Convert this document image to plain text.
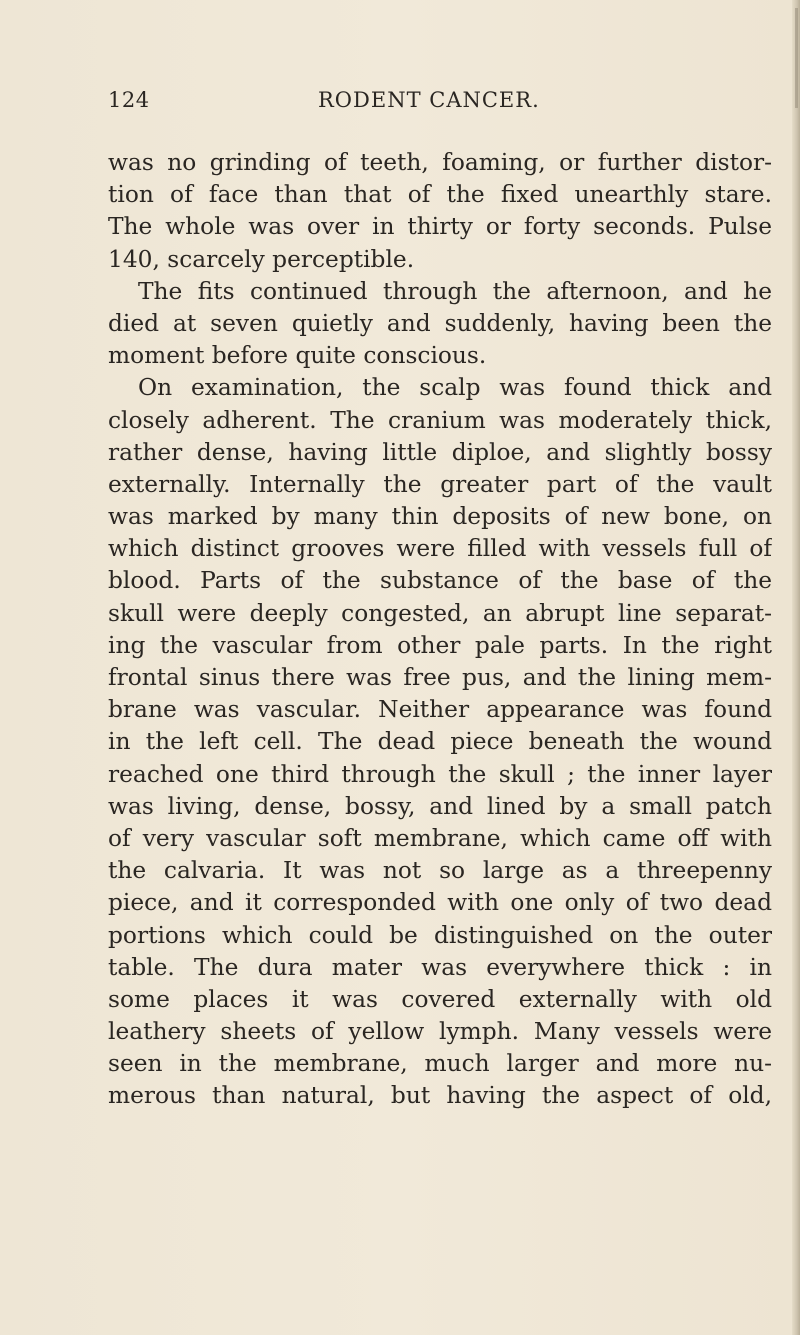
124	RODENT CANCER.
was no grinding of teeth, foaming, or further distor-
tion of face than that of the fixed unearthly stare.
The whole was over in thirty or forty seconds. Pulse
140, scarcely perceptible.
The fits continued through the afternoon, and he
died at seven quietly and suddenly, having been the
moment before quite conscious.
On examination, the scalp was found thick and
closely adherent. The cranium was moderately thick,
rather dense, having little diploe, and slightly bossy
externally. Internally the greater part of the vault
was marked by many thin deposits of new bone, on
which distinct grooves were filled with vessels full of
blood. Parts of the substance of the base of the
skull were deeply congested, an abrupt line separat-
ing the vascular from other pale parts. In the right
frontal sinus there was free pus, and the lining mem-
brane was vascular. Neither appearance was found
in the left cell. The dead piece beneath the wound
reached one third through the skull ; the inner layer
was living, dense, bossy, and lined by a small patch
of very vascular soft membrane, which came off with
the calvaria. It was not so large as a threepenny
piece, and it corresponded with one only of two dead
portions which could be distinguished on the outer
table. The dura mater was everywhere thick : in
some places it was covered externally with old
leathery sheets of yellow lymph. Many vessels were
seen in the membrane, much larger and more nu-
merous than natural, but having the aspect of old,
